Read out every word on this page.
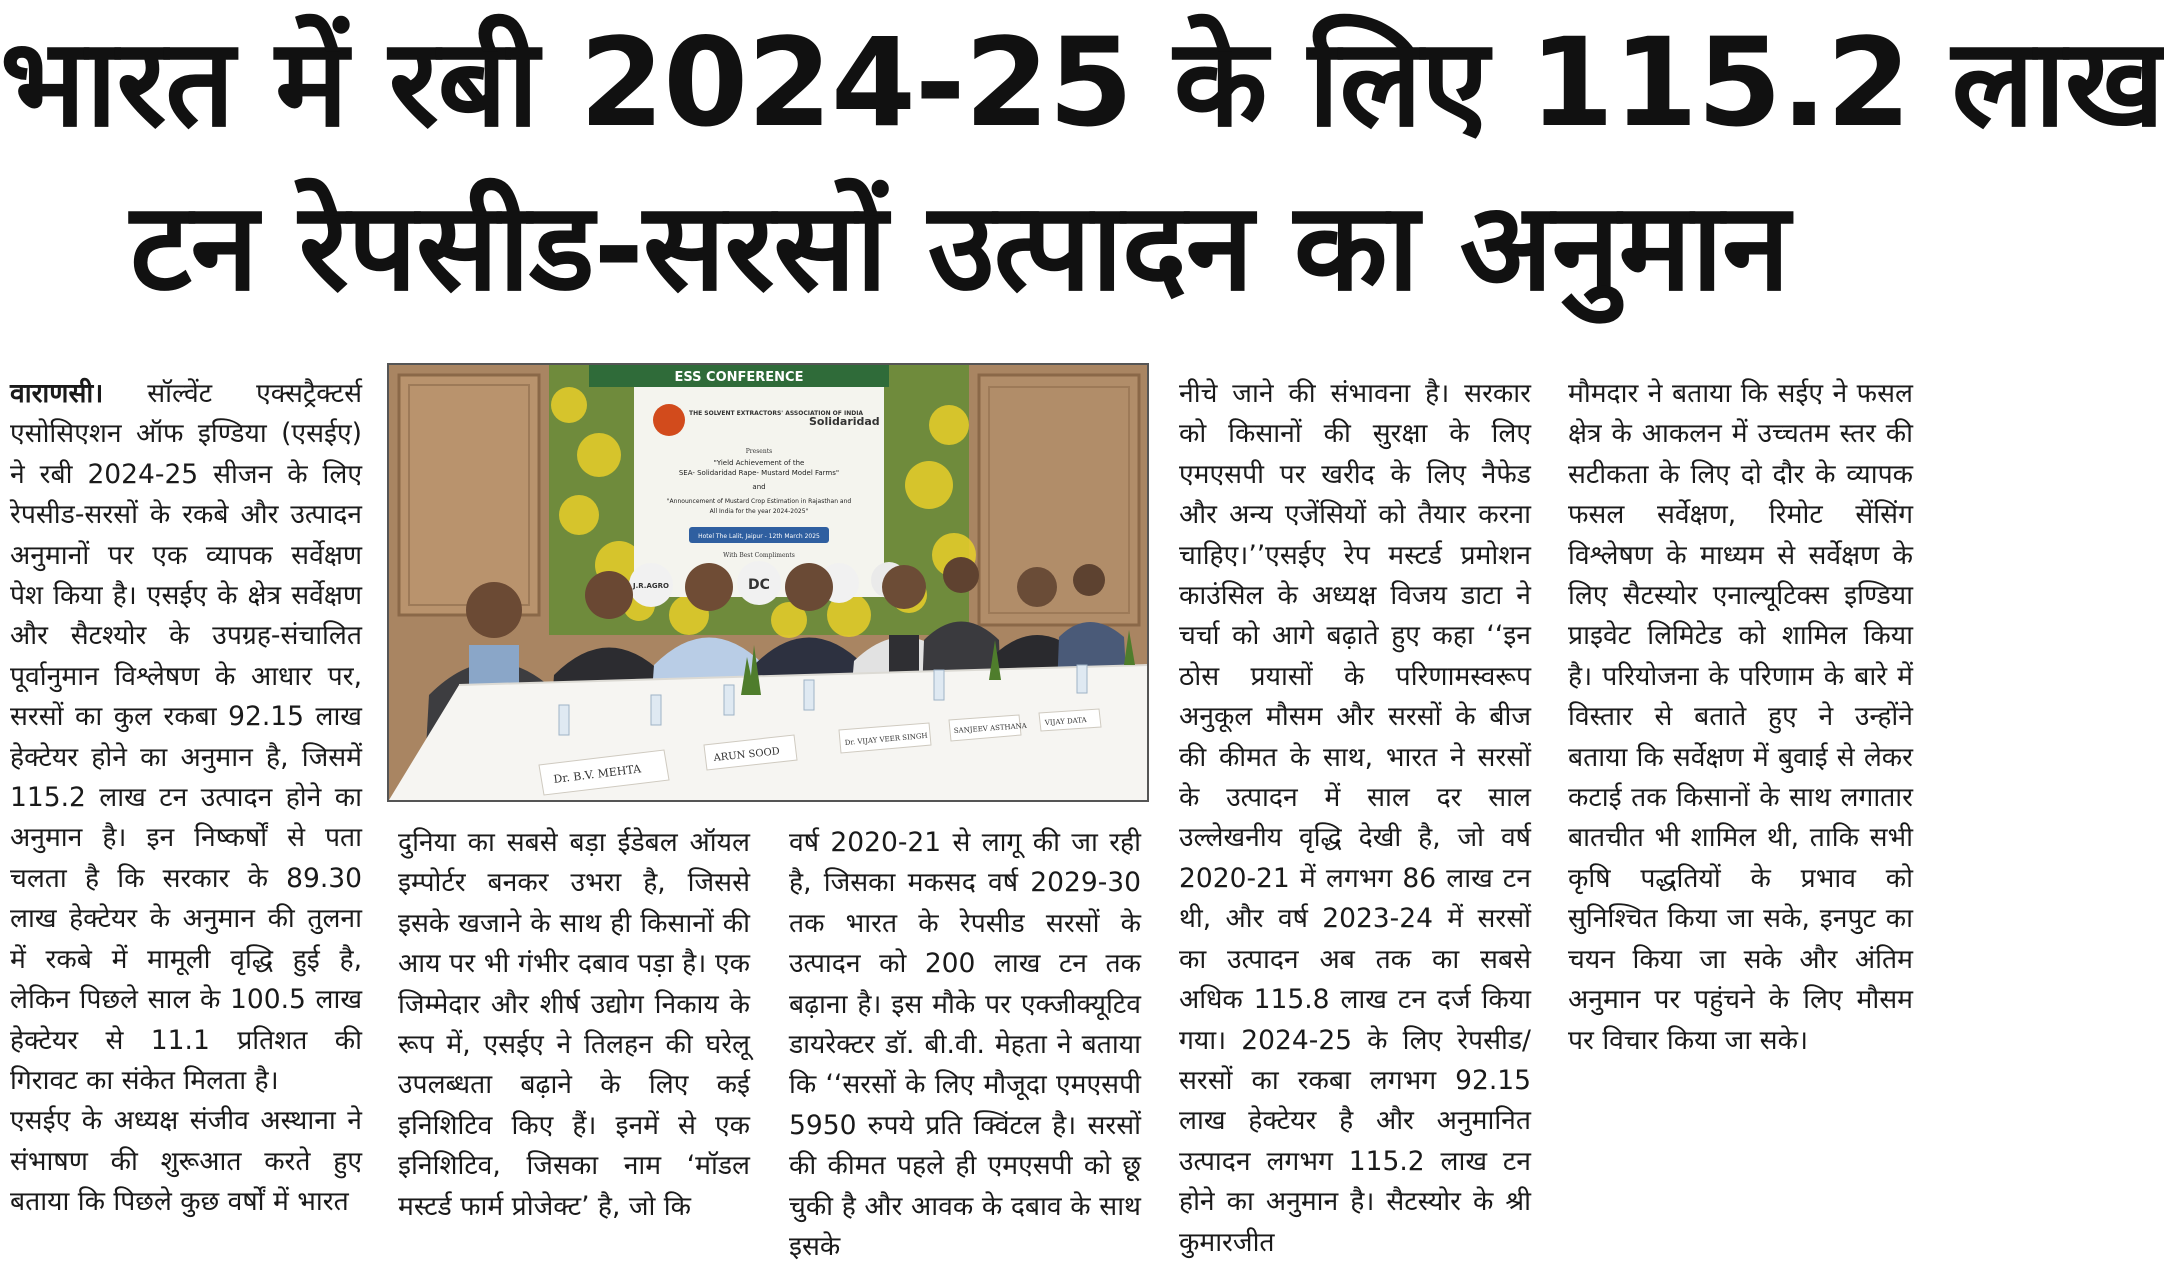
भारत में रबी 2024-25 के लिए 115.2 लाख
टन रेपसीड-सरसों उत्पादन का अनुमान

वाराणसी। सॉल्वेंट एक्सट्रैक्टर्स एसोसिएशन ऑफ इण्डिया (एसईए) ने रबी 2024-25 सीजन के लिए रेपसीड-सरसों के रकबे और उत्पादन अनुमानों पर एक व्यापक सर्वेक्षण पेश किया है। एसईए के क्षेत्र सर्वेक्षण और सैटश्योर के उपग्रह-संचालित पूर्वानुमान विश्लेषण के आधार पर, सरसों का कुल रकबा 92.15 लाख हेक्टेयर होने का अनुमान है, जिसमें 115.2 लाख टन उत्पादन होने का अनुमान है। इन निष्कर्षों से पता चलता है कि सरकार के 89.30 लाख हेक्टेयर के अनुमान की तुलना में रकबे में मामूली वृद्धि हुई है, लेकिन पिछले साल के 100.5 लाख हेक्टेयर से 11.1 प्रतिशत की गिरावट का संकेत मिलता है।

एसईए के अध्यक्ष संजीव अस्थाना ने संभाषण की शुरूआत करते हुए बताया कि पिछले कुछ वर्षों में भारत

ESS CONFERENCE
THE SOLVENT EXTRACTORS' ASSOCIATION OF INDIA
Solidaridad
Presents
"Yield Achievement of the
SEA- Solidaridad Rape- Mustard Model Farms"
and
"Announcement of Mustard Crop Estimation in Rajasthan and
All India for the year 2024-2025"
Hotel The Lalit, Jaipur - 12th March 2025
With Best Compliments
J.R.AGRO	DC
Dr. B.V. MEHTA
ARUN SOOD
Dr. VIJAY VEER SINGH
SANJEEV ASTHANA
VIJAY DATA

दुनिया का सबसे बड़ा ईडेबल ऑयल इम्पोर्टर बनकर उभरा है, जिससे इसके खजाने के साथ ही किसानों की आय पर भी गंभीर दबाव पड़ा है। एक जिम्मेदार और शीर्ष उद्योग निकाय के रूप में, एसईए ने तिलहन की घरेलू उपलब्धता बढ़ाने के लिए कई इनिशिटिव किए हैं। इनमें से एक इनिशिटिव, जिसका नाम ‘मॉडल मस्टर्ड फार्म प्रोजेक्ट’ है, जो कि

वर्ष 2020-21 से लागू की जा रही है, जिसका मकसद वर्ष 2029-30 तक भारत के रेपसीड सरसों के उत्पादन को 200 लाख टन तक बढ़ाना है। इस मौके पर एक्जीक्यूटिव डायरेक्टर डॉ. बी.वी. मेहता ने बताया कि ‘‘सरसों के लिए मौजूदा एमएसपी 5950 रुपये प्रति क्विंटल है। सरसों की कीमत पहले ही एमएसपी को छू चुकी है और आवक के दबाव के साथ इसके

नीचे जाने की संभावना है। सरकार को किसानों की सुरक्षा के लिए एमएसपी पर खरीद के लिए नैफेड और अन्य एजेंसियों को तैयार करना चाहिए।’’एसईए रेप मस्टर्ड प्रमोशन काउंसिल के अध्यक्ष विजय डाटा ने चर्चा को आगे बढ़ाते हुए कहा ‘‘इन ठोस प्रयासों के परिणामस्वरूप अनुकूल मौसम और सरसों के बीज की कीमत के साथ, भारत ने सरसों के उत्पादन में साल दर साल उल्लेखनीय वृद्धि देखी है, जो वर्ष 2020-21 में लगभग 86 लाख टन थी, और वर्ष 2023-24 में सरसों का उत्पादन अब तक का सबसे अधिक 115.8 लाख टन दर्ज किया गया। 2024-25 के लिए रेपसीड/सरसों का रकबा लगभग 92.15 लाख हेक्टेयर है और अनुमानित उत्पादन लगभग 115.2 लाख टन होने का अनुमान है। सैटस्योर के श्री कुमारजीत

मौमदार ने बताया कि सईए ने फसल क्षेत्र के आकलन में उच्चतम स्तर की सटीकता के लिए दो दौर के व्यापक फसल सर्वेक्षण, रिमोट सेंसिंग विश्लेषण के माध्यम से सर्वेक्षण के लिए सैटस्योर एनाल्यूटिक्स इण्डिया प्राइवेट लिमिटेड को शामिल किया है। परियोजना के परिणाम के बारे में विस्तार से बताते हुए ने उन्होंने बताया कि सर्वेक्षण में बुवाई से लेकर कटाई तक किसानों के साथ लगातार बातचीत भी शामिल थी, ताकि सभी कृषि पद्धतियों के प्रभाव को सुनिश्चित किया जा सके, इनपुट का चयन किया जा सके और अंतिम अनुमान पर पहुंचने के लिए मौसम पर विचार किया जा सके।
